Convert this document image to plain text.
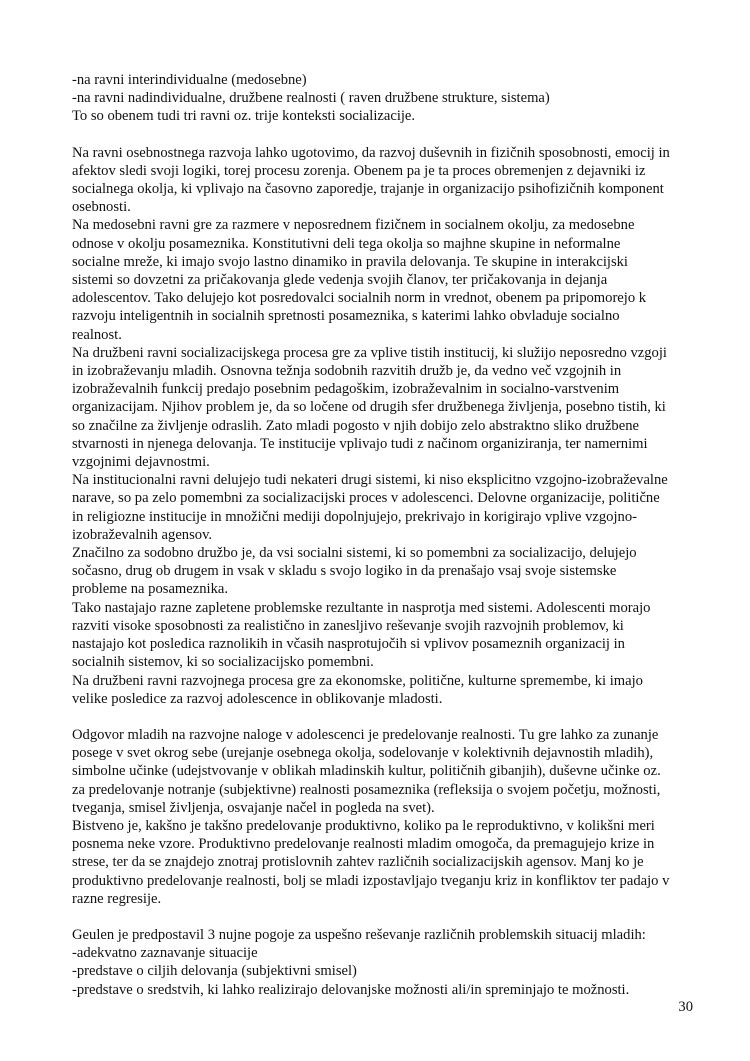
-na ravni interindividualne (medosebne)
-na ravni nadindividualne, družbene realnosti ( raven družbene strukture, sistema)
To so obenem tudi tri ravni oz. trije konteksti socializacije.
Na ravni osebnostnega razvoja lahko ugotovimo, da razvoj duševnih in fizičnih sposobnosti, emocij in
afektov sledi svoji logiki, torej procesu zorenja. Obenem pa je ta proces obremenjen z dejavniki iz
socialnega okolja, ki vplivajo na časovno zaporedje, trajanje in organizacijo psihofizičnih komponent
osebnosti.
Na medosebni ravni gre za razmere v neposrednem fizičnem in socialnem okolju, za medosebne
odnose v okolju posameznika. Konstitutivni deli tega okolja so majhne skupine in neformalne
socialne mreže, ki imajo svojo lastno dinamiko in pravila delovanja. Te skupine in interakcijski
sistemi so dovzetni za pričakovanja glede vedenja svojih članov, ter pričakovanja in dejanja
adolescentov. Tako delujejo kot posredovalci socialnih norm in vrednot, obenem pa pripomorejo k
razvoju inteligentnih in socialnih spretnosti posameznika, s katerimi lahko obvladuje socialno
realnost.
Na družbeni ravni socializacijskega procesa gre za vplive tistih institucij, ki služijo neposredno vzgoji
in izobraževanju mladih. Osnovna težnja sodobnih razvitih družb je, da vedno več vzgojnih in
izobraževalnih funkcij predajo posebnim pedagoškim, izobraževalnim in socialno-varstvenim
organizacijam. Njihov problem je, da so ločene od drugih sfer družbenega življenja, posebno tistih, ki
so značilne za življenje odraslih. Zato mladi pogosto v njih dobijo zelo abstraktno sliko družbene
stvarnosti in njenega delovanja. Te institucije vplivajo tudi z načinom organiziranja, ter namernimi
vzgojnimi dejavnostmi.
Na institucionalni ravni delujejo tudi nekateri drugi sistemi, ki niso eksplicitno vzgojno-izobraževalne
narave, so pa zelo pomembni za socializacijski proces v adolescenci. Delovne organizacije, politične
in religiozne institucije in množični mediji dopolnjujejo, prekrivajo in korigirajo vplive vzgojno-
izobraževalnih agensov.
Značilno za sodobno družbo je, da vsi socialni sistemi, ki so pomembni za socializacijo, delujejo
sočasno, drug ob drugem in vsak v skladu s svojo logiko in da prenašajo vsaj svoje sistemske
probleme na posameznika.
Tako nastajajo razne zapletene problemske rezultante in nasprotja med sistemi. Adolescenti morajo
razviti visoke sposobnosti za realistično in zanesljivo reševanje svojih razvojnih problemov, ki
nastajajo kot posledica raznolikih in včasih nasprotujočih si vplivov posameznih organizacij in
socialnih sistemov, ki so socializacijsko pomembni.
Na družbeni ravni razvojnega procesa gre za ekonomske, politične, kulturne spremembe, ki imajo
velike posledice za razvoj adolescence in oblikovanje mladosti.
Odgovor mladih na razvojne naloge v adolescenci je predelovanje realnosti. Tu gre lahko za zunanje
posege v svet okrog sebe (urejanje osebnega okolja, sodelovanje v kolektivnih dejavnostih mladih),
simbolne učinke (udejstvovanje v oblikah mladinskih kultur, političnih gibanjih), duševne učinke oz.
za predelovanje notranje (subjektivne) realnosti posameznika (refleksija o svojem početju, možnosti,
tveganja, smisel življenja, osvajanje načel in pogleda na svet).
Bistveno je, kakšno je takšno predelovanje produktivno, koliko pa le reproduktivno, v kolikšni meri
posnema neke vzore. Produktivno predelovanje realnosti mladim omogoča, da premagujejo krize in
strese, ter da se znajdejo znotraj protislovnih zahtev različnih socializacijskih agensov. Manj ko je
produktivno predelovanje realnosti, bolj se mladi izpostavljajo tveganju kriz in konfliktov ter padajo v
razne regresije.
Geulen je predpostavil 3 nujne pogoje za uspešno reševanje različnih problemskih situacij mladih:
-adekvatno zaznavanje situacije
-predstave o ciljih delovanja (subjektivni smisel)
-predstave o sredstvih, ki lahko realizirajo delovanjske možnosti ali/in spreminjajo te možnosti.
30
